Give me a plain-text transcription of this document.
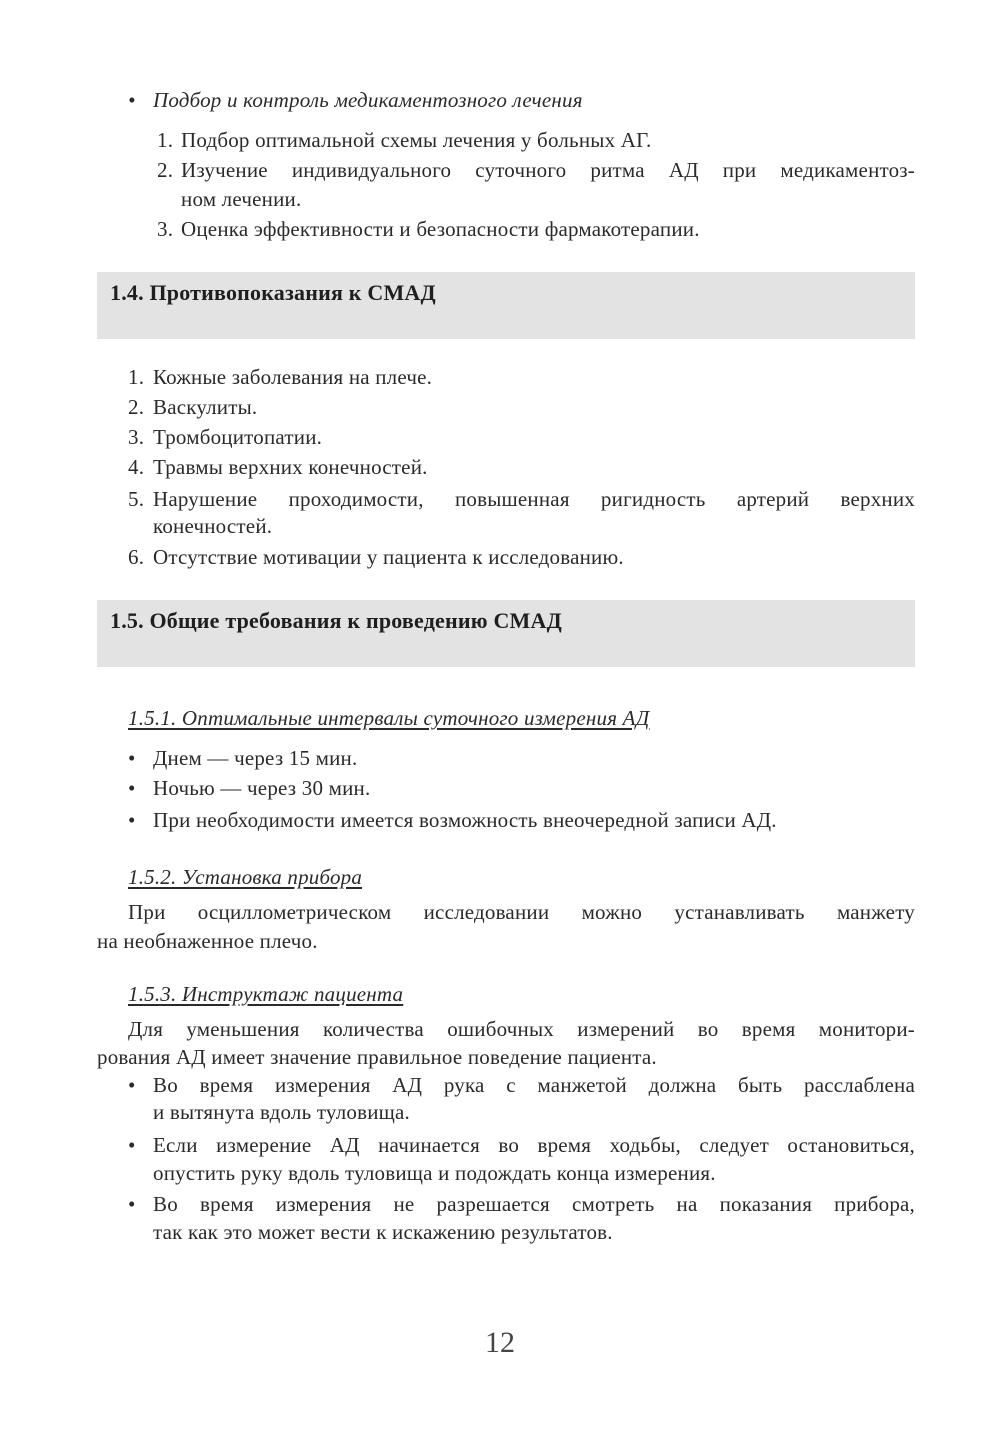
• Подбор и контроль медикаментозного лечения
1. Подбор оптимальной схемы лечения у больных АГ.
2. Изучение индивидуального суточного ритма АД при медикаментоз-
ном лечении.
3. Оценка эффективности и безопасности фармакотерапии.
1.4. Противопоказания к СМАД
1. Кожные заболевания на плече.
2. Васкулиты.
3. Тромбоцитопатии.
4. Травмы верхних конечностей.
5. Нарушение проходимости, повышенная ригидность артерий верхних
конечностей.
6. Отсутствие мотивации у пациента к исследованию.
1.5. Общие требования к проведению СМАД
1.5.1. Оптимальные интервалы суточного измерения АД
• Днем — через 15 мин.
• Ночью — через 30 мин.
• При необходимости имеется возможность внеочередной записи АД.
1.5.2. Установка прибора
При осциллометрическом исследовании можно устанавливать манжету
на необнаженное плечо.
1.5.3. Инструктаж пациента
Для уменьшения количества ошибочных измерений во время монитори-
рования АД имеет значение правильное поведение пациента.
• Во время измерения АД рука с манжетой должна быть расслаблена
и вытянута вдоль туловища.
• Если измерение АД начинается во время ходьбы, следует остановиться,
опустить руку вдоль туловища и подождать конца измерения.
• Во время измерения не разрешается смотреть на показания прибора,
так как это может вести к искажению результатов.
12
